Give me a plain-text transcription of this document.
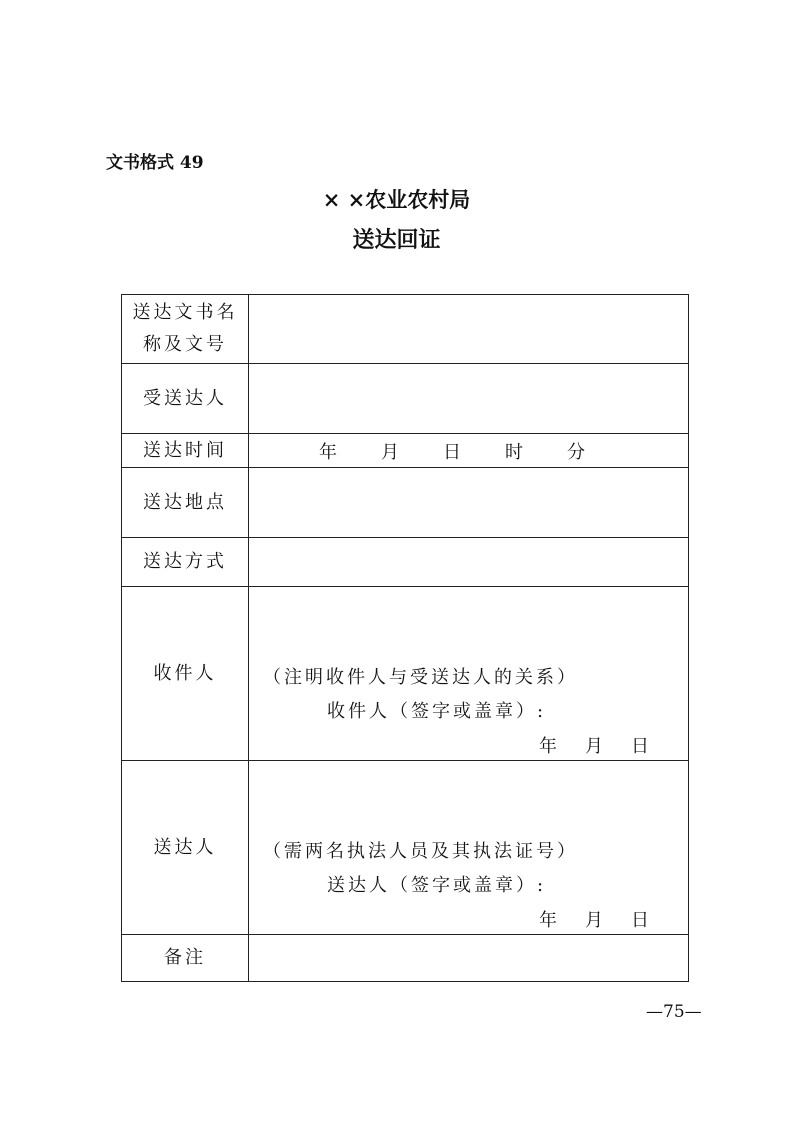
文书格式 49
× ×农业农村局
送达回证
送达文书名
称及文号	

受送达人	
送达时间	年 月 日 时 分

送达地点	
送达方式	
收件人	（注明收件人与受送达人的关系）
收件人（签字或盖章）:
年 月 日

送达人	（需两名执法人员及其执法证号）
送达人（签字或盖章）:
年 月 日

备注	
—75—
